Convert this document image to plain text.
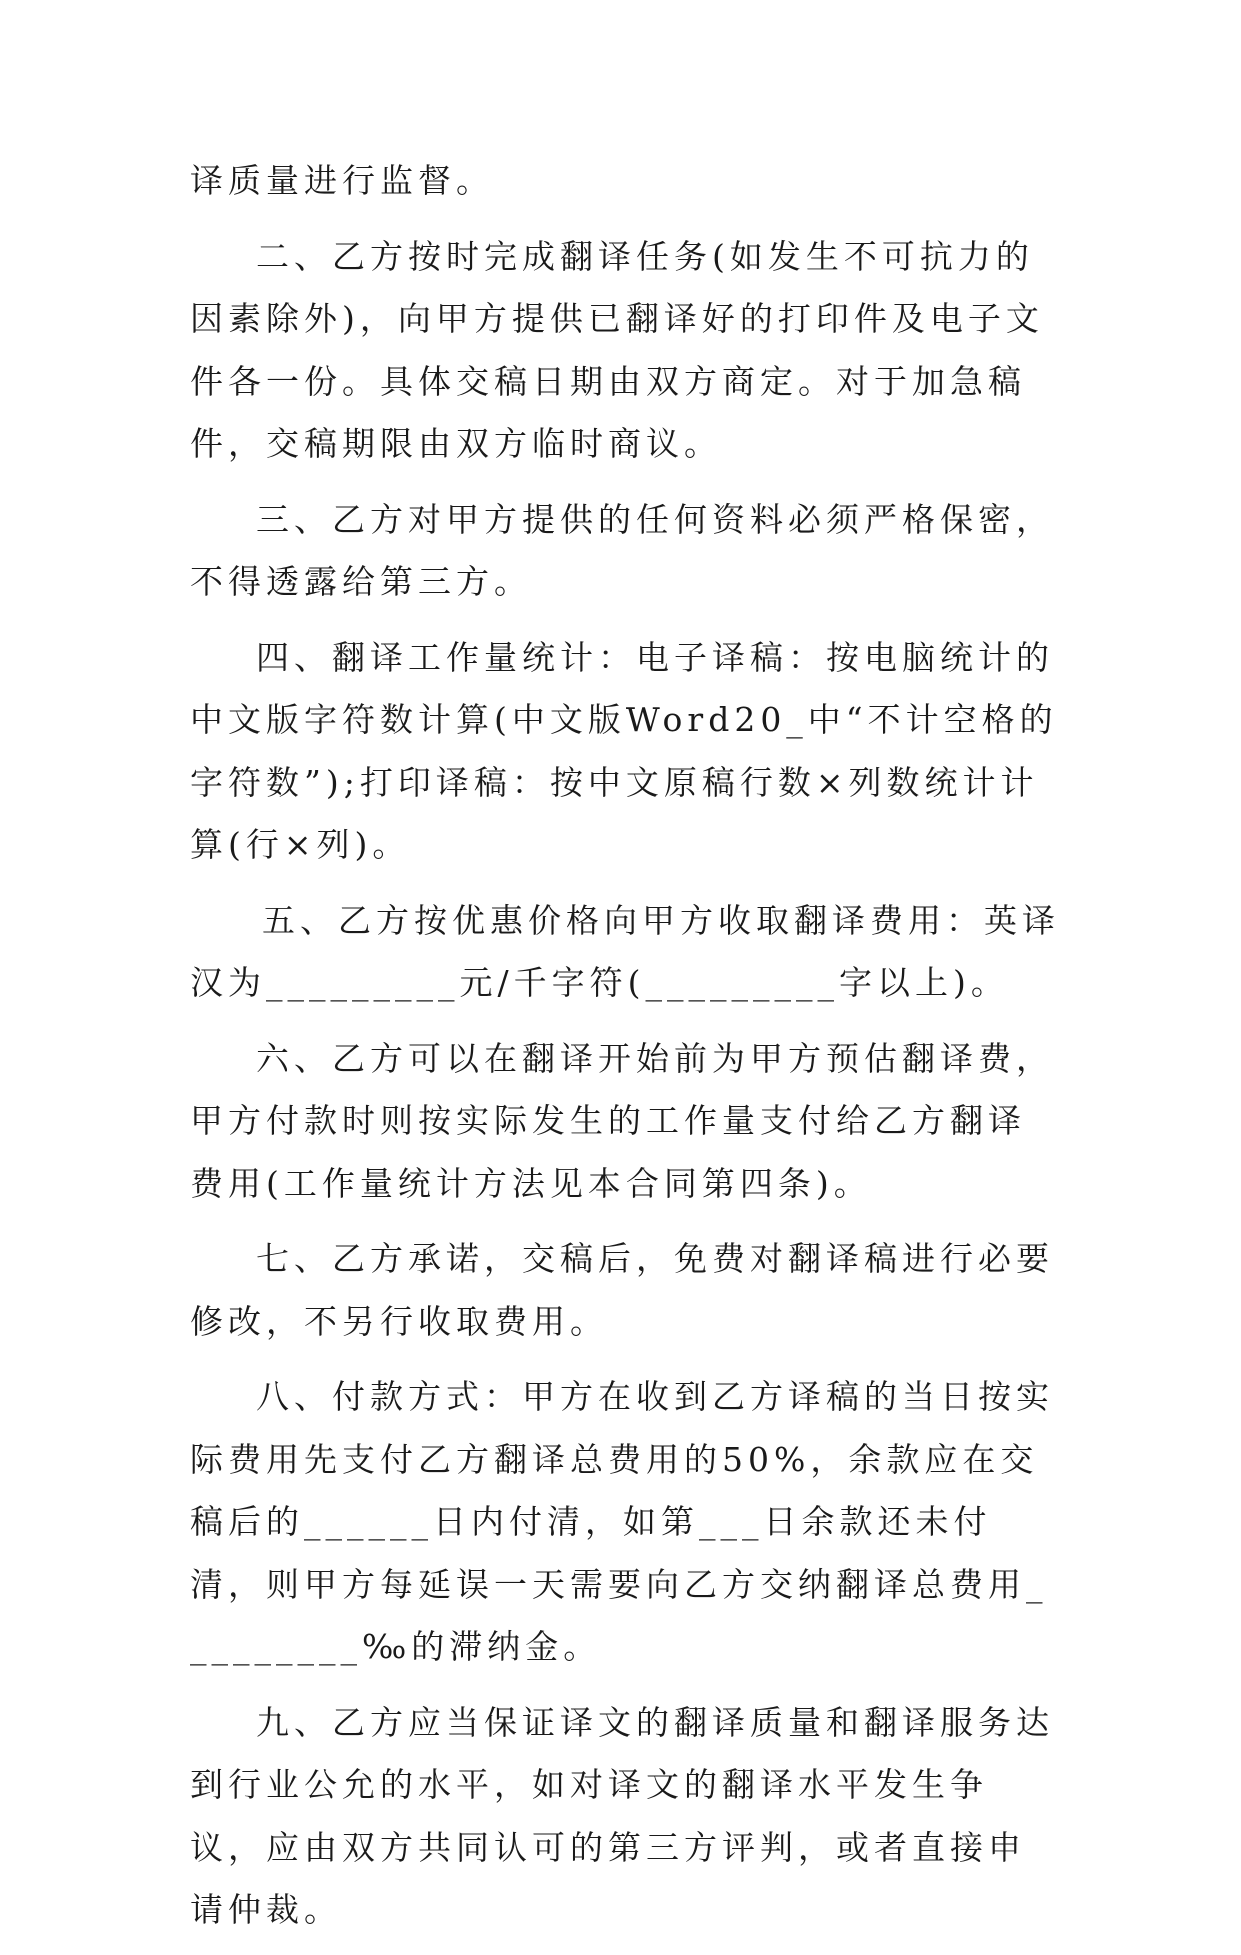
译质量进行监督。

二、乙方按时完成翻译任务(如发生不可抗力的因素除外)，向甲方提供已翻译好的打印件及电子文件各一份。具体交稿日期由双方商定。对于加急稿件，交稿期限由双方临时商议。

三、乙方对甲方提供的任何资料必须严格保密，不得透露给第三方。

四、翻译工作量统计：电子译稿：按电脑统计的中文版字符数计算(中文版Word20_中“不计空格的字符数”);打印译稿：按中文原稿行数×列数统计计算(行×列)。

五、乙方按优惠价格向甲方收取翻译费用：英译汉为_________元/千字符(_________字以上)。

六、乙方可以在翻译开始前为甲方预估翻译费，甲方付款时则按实际发生的工作量支付给乙方翻译费用(工作量统计方法见本合同第四条)。

七、乙方承诺，交稿后，免费对翻译稿进行必要修改，不另行收取费用。

八、付款方式：甲方在收到乙方译稿的当日按实际费用先支付乙方翻译总费用的50%，余款应在交稿后的______日内付清，如第___日余款还未付清，则甲方每延误一天需要向乙方交纳翻译总费用_________‰的滞纳金。

九、乙方应当保证译文的翻译质量和翻译服务达到行业公允的水平，如对译文的翻译水平发生争议，应由双方共同认可的第三方评判，或者直接申请仲裁。
